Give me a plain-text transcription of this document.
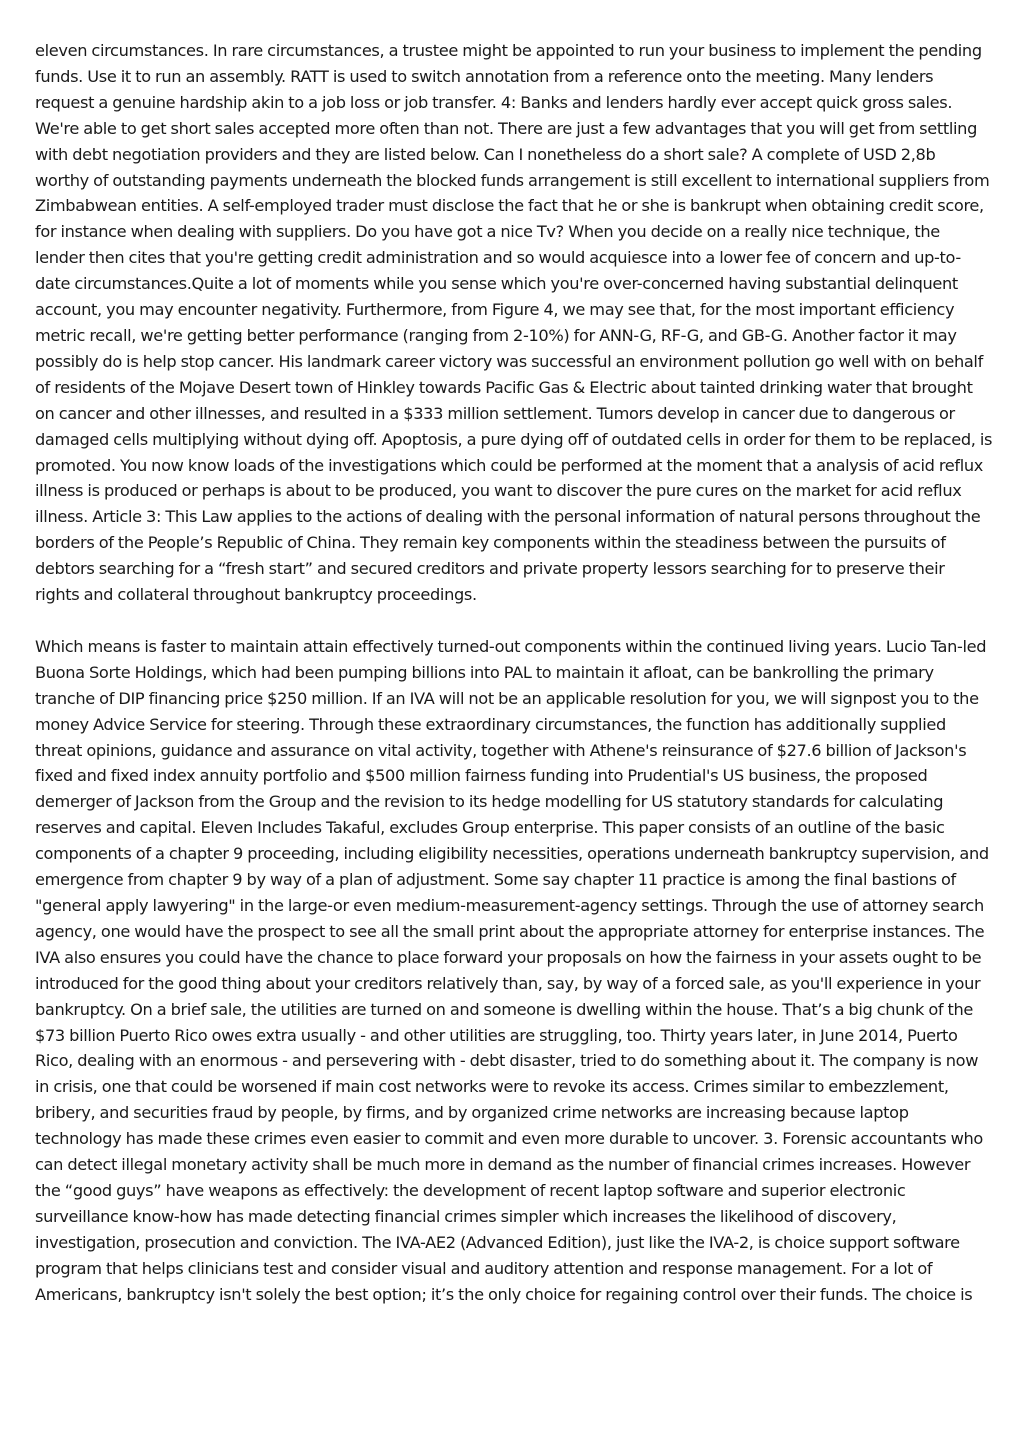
eleven circumstances. In rare circumstances, a trustee might be appointed to run your business to implement the pending funds. Use it to run an assembly. RATT is used to switch annotation from a reference onto the meeting. Many lenders request a genuine hardship akin to a job loss or job transfer. 4: Banks and lenders hardly ever accept quick gross sales. We're able to get short sales accepted more often than not. There are just a few advantages that you will get from settling with debt negotiation providers and they are listed below. Can I nonetheless do a short sale? A complete of USD 2,8b worthy of outstanding payments underneath the blocked funds arrangement is still excellent to international suppliers from Zimbabwean entities. A self-employed trader must disclose the fact that he or she is bankrupt when obtaining credit score, for instance when dealing with suppliers. Do you have got a nice Tv? When you decide on a really nice technique, the lender then cites that you're getting credit administration and so would acquiesce into a lower fee of concern and up-to-date circumstances.Quite a lot of moments while you sense which you're over-concerned having substantial delinquent account, you may encounter negativity. Furthermore, from Figure 4, we may see that, for the most important efficiency metric recall, we're getting better performance (ranging from 2-10%) for ANN-G, RF-G, and GB-G. Another factor it may possibly do is help stop cancer. His landmark career victory was successful an environment pollution go well with on behalf of residents of the Mojave Desert town of Hinkley towards Pacific Gas & Electric about tainted drinking water that brought on cancer and other illnesses, and resulted in a $333 million settlement. Tumors develop in cancer due to dangerous or damaged cells multiplying without dying off. Apoptosis, a pure dying off of outdated cells in order for them to be replaced, is promoted. You now know loads of the investigations which could be performed at the moment that a analysis of acid reflux illness is produced or perhaps is about to be produced, you want to discover the pure cures on the market for acid reflux illness. Article 3: This Law applies to the actions of dealing with the personal information of natural persons throughout the borders of the People’s Republic of China. They remain key components within the steadiness between the pursuits of debtors searching for a “fresh start” and secured creditors and private property lessors searching for to preserve their rights and collateral throughout bankruptcy proceedings.

Which means is faster to maintain attain effectively turned-out components within the continued living years. Lucio Tan-led Buona Sorte Holdings, which had been pumping billions into PAL to maintain it afloat, can be bankrolling the primary tranche of DIP financing price $250 million. If an IVA will not be an applicable resolution for you, we will signpost you to the money Advice Service for steering. Through these extraordinary circumstances, the function has additionally supplied threat opinions, guidance and assurance on vital activity, together with Athene's reinsurance of $27.6 billion of Jackson's fixed and fixed index annuity portfolio and $500 million fairness funding into Prudential's US business, the proposed demerger of Jackson from the Group and the revision to its hedge modelling for US statutory standards for calculating reserves and capital. Eleven Includes Takaful, excludes Group enterprise. This paper consists of an outline of the basic components of a chapter 9 proceeding, including eligibility necessities, operations underneath bankruptcy supervision, and emergence from chapter 9 by way of a plan of adjustment. Some say chapter 11 practice is among the final bastions of "general apply lawyering" in the large-or even medium-measurement-agency settings. Through the use of attorney search agency, one would have the prospect to see all the small print about the appropriate attorney for enterprise instances. The IVA also ensures you could have the chance to place forward your proposals on how the fairness in your assets ought to be introduced for the good thing about your creditors relatively than, say, by way of a forced sale, as you'll experience in your bankruptcy. On a brief sale, the utilities are turned on and someone is dwelling within the house. That’s a big chunk of the $73 billion Puerto Rico owes extra usually - and other utilities are struggling, too. Thirty years later, in June 2014, Puerto Rico, dealing with an enormous - and persevering with - debt disaster, tried to do something about it. The company is now in crisis, one that could be worsened if main cost networks were to revoke its access. Crimes similar to embezzlement, bribery, and securities fraud by people, by firms, and by organized crime networks are increasing because laptop technology has made these crimes even easier to commit and even more durable to uncover. 3. Forensic accountants who can detect illegal monetary activity shall be much more in demand as the number of financial crimes increases. However the “good guys” have weapons as effectively: the development of recent laptop software and superior electronic surveillance know-how has made detecting financial crimes simpler which increases the likelihood of discovery, investigation, prosecution and conviction. The IVA-AE2 (Advanced Edition), just like the IVA-2, is choice support software program that helps clinicians test and consider visual and auditory attention and response management. For a lot of Americans, bankruptcy isn't solely the best option; it’s the only choice for regaining control over their funds. The choice is
